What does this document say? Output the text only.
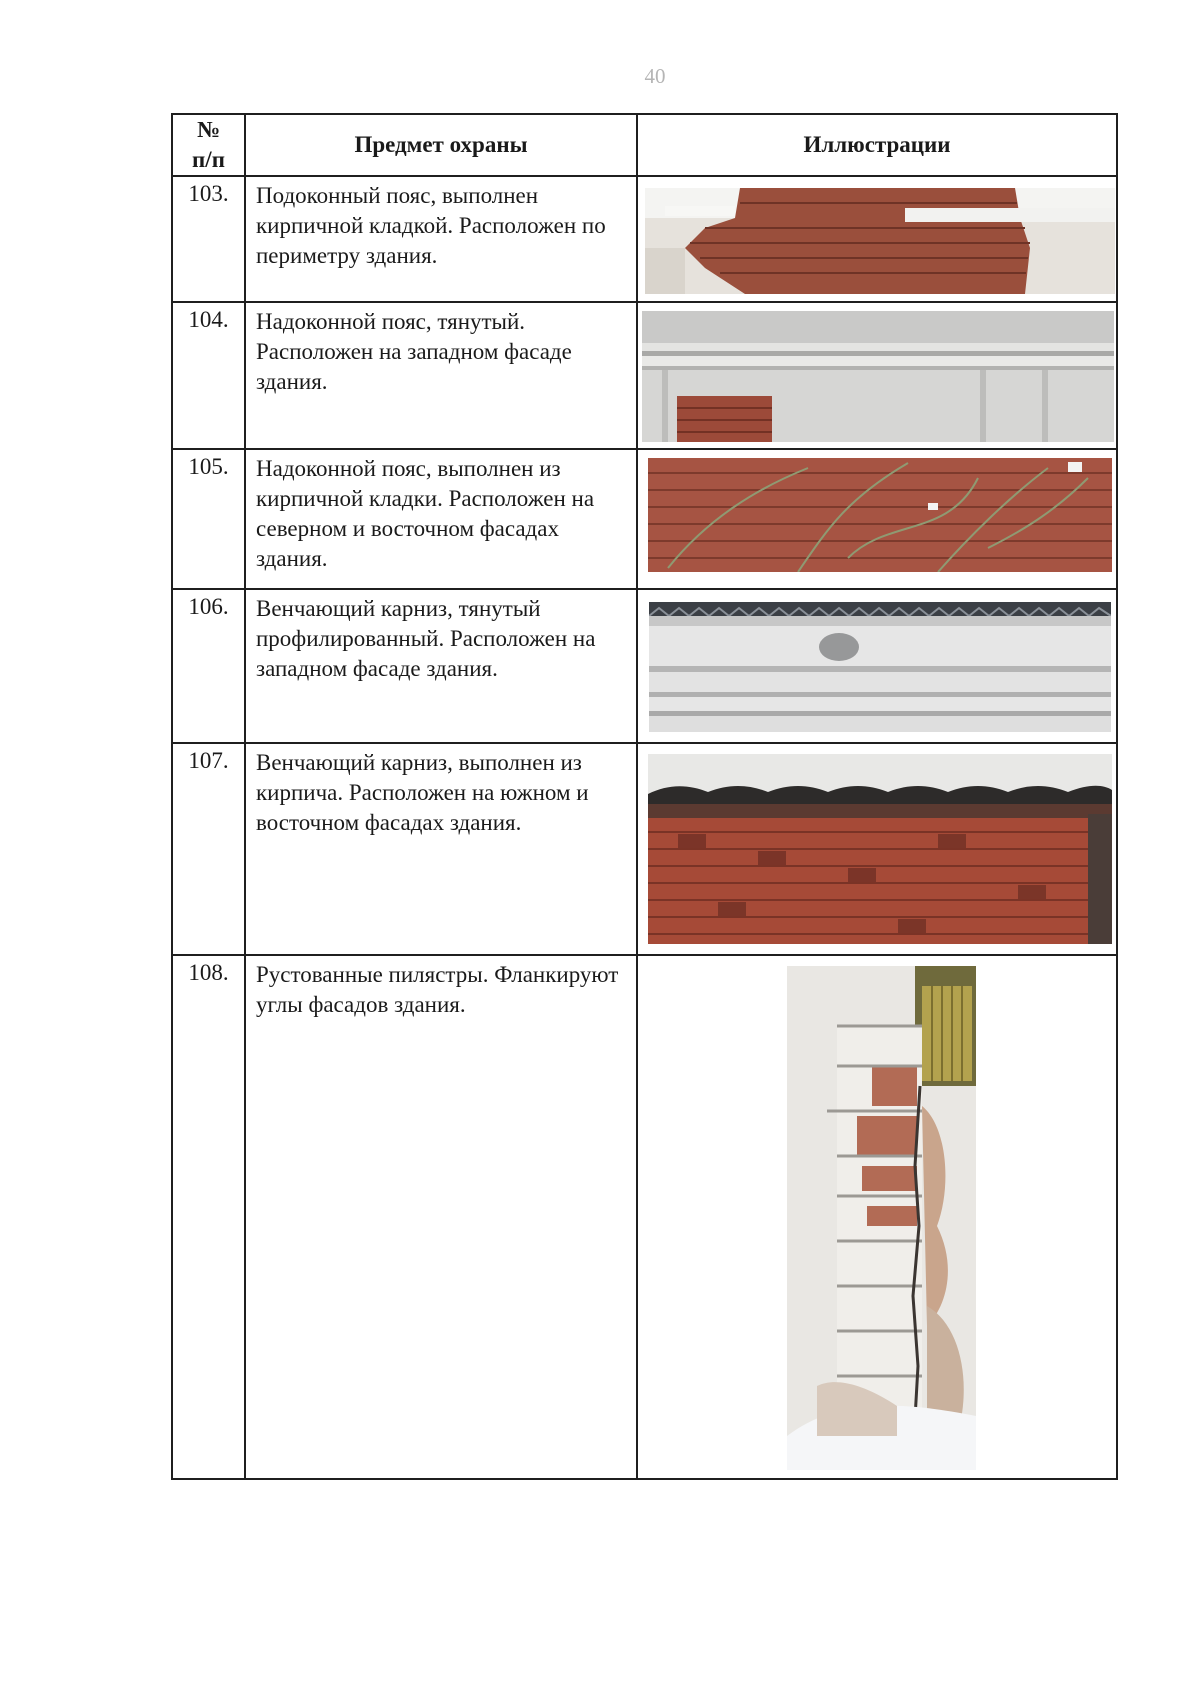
40
№
п/п	Предмет охраны	Иллюстрации
103.	Подоконный пояс, выполнен кирпичной кладкой. Расположен по периметру здания.	

104.	Надоконной пояс, тянутый. Расположен на западном фасаде здания.	

105.	Надоконной пояс, выполнен из кирпичной кладки. Расположен на северном и восточном фасадах здания.	

106.	Венчающий карниз, тянутый профилированный. Расположен на западном фасаде здания.	

107.	Венчающий карниз, выполнен из кирпича. Расположен на южном и восточном фасадах здания.	

108.	Рустованные пилястры. Фланкируют углы фасадов здания.	
